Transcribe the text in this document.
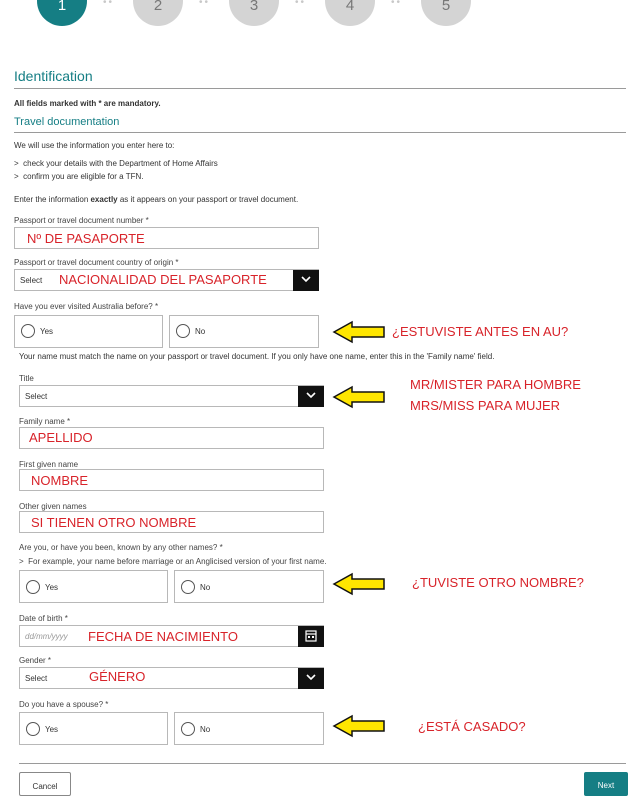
1	••	2	••	3	••	4	••	5
Identification
All fields marked with * are mandatory.
Travel documentation
We will use the information you enter here to:
>  check your details with the Department of Home Affairs
>  confirm you are eligible for a TFN.
Enter the information exactly as it appears on your passport or travel document.
Passport or travel document number *
Nº DE PASAPORTE
Passport or travel document country of origin *
Select NACIONALIDAD DEL PASAPORTE
Have you ever visited Australia before? *
Yes	No	¿ESTUVISTE ANTES EN AU?
Your name must match the name on your passport or travel document. If you only have one name, enter this in the 'Family name' field.
Title
Select
MR/MISTER PARA HOMBRE
MRS/MISS PARA MUJER
Family name *
APELLIDO
First given name
NOMBRE
Other given names
SI TIENEN OTRO NOMBRE
Are you, or have you been, known by any other names? *
>  For example, your name before marriage or an Anglicised version of your first name.
Yes	No	¿TUVISTE OTRO NOMBRE?
Date of birth *
dd/mm/yyyy FECHA DE NACIMIENTO
Gender *
Select	GÉNERO
Do you have a spouse? *
Yes	No	¿ESTÁ CASADO?
Cancel	Next
